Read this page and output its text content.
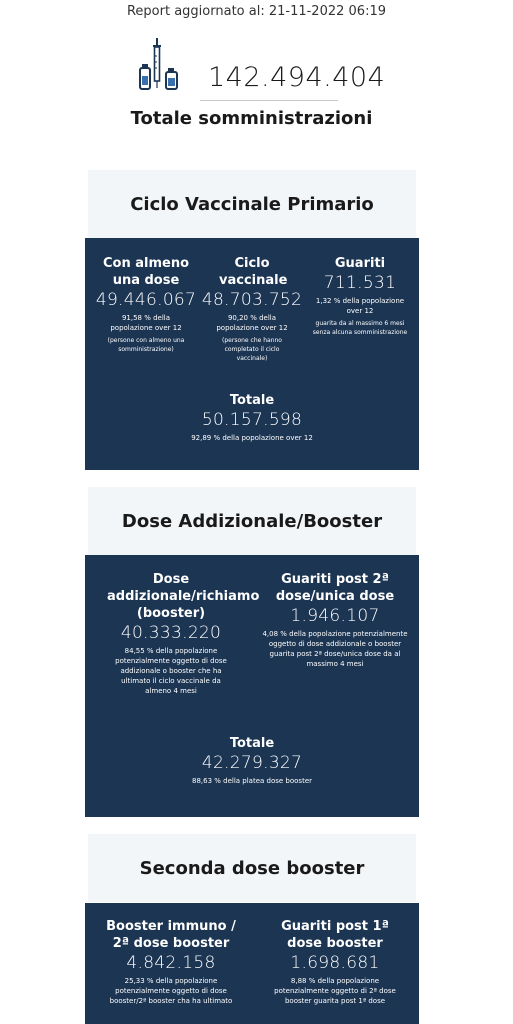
Report aggiornato al: 21-11-2022 06:19
142.494.404
Totale somministrazioni
Ciclo Vaccinale Primario
Con almeno una dose
49.446.067
91,58 % della popolazione over 12
(persone con almeno una somministrazione)
Ciclo vaccinale
48.703.752
90,20 % della popolazione over 12
(persone che hanno completato il ciclo vaccinale)
Guariti
711.531
1,32 % della popolazione over 12
guarita da al massimo 6 mesi senza alcuna somministrazione
Totale
50.157.598
92,89 % della popolazione over 12
Dose Addizionale/Booster
Dose addizionale/richiamo (booster)
40.333.220
84,55 % della popolazione potenzialmente oggetto di dose addizionale o booster che ha ultimato il ciclo vaccinale da almeno 4 mesi
Guariti post 2ª dose/unica dose
1.946.107
4,08 % della popolazione potenzialmente oggetto di dose addizionale o booster guarita post 2ª dose/unica dose da al massimo 4 mesi
Totale
42.279.327
88,63 % della platea dose booster
Seconda dose booster
Booster immuno / 2ª dose booster
4.842.158
25,33 % della popolazione potenzialmente oggetto di dose booster/2ª booster cha ha ultimato
Guariti post 1ª dose booster
1.698.681
8,88 % della popolazione potenzialmente oggetto di 2ª dose booster guarita post 1ª dose
